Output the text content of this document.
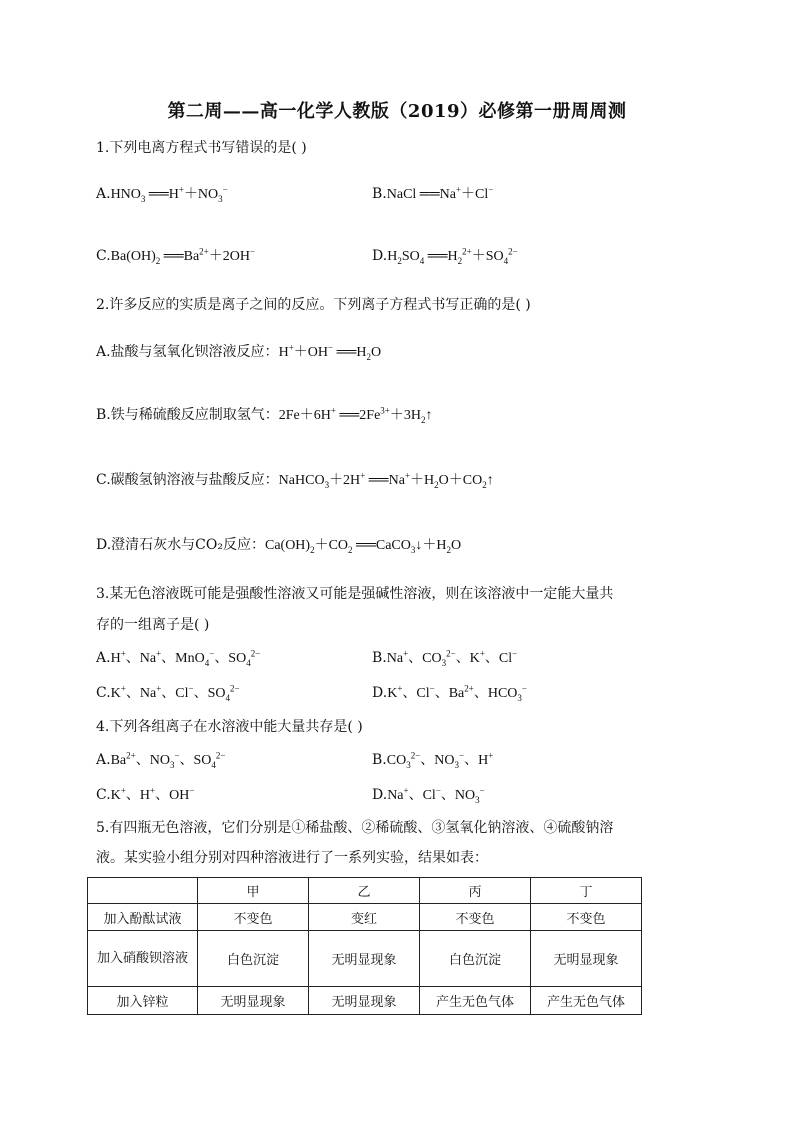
第二周——高一化学人教版（2019）必修第一册周周测
1.下列电离方程式书写错误的是( )
$A.HNO_3$ $══H^++NO_3^-$	B.NaCl ══Na+＋Cl−
$C.Ba(OH)_2$ $══Ba^{2+}+2OH^-$	$D.H_2SO_4$ $══H_2^{2+}+SO_4^{2-}$
2.许多反应的实质是离子之间的反应。下列离子方程式书写正确的是( )
A.盐酸与氢氧化钡溶液反应：H+＋OH− $══H_2O$
B.铁与稀硫酸反应制取氢气：2Fe＋6H+ $══2Fe^{3+}+3H_2↑$
C.碳酸氢钠溶液与盐酸反应：NaHCO$_3$＋2H+ $══Na^++H_2O+CO_2↑$
D.澄清石灰水与CO₂反应：$Ca(OH)_2+CO_2$ $══CaCO_3↓+H_2O$
3.某无色溶液既可能是强酸性溶液又可能是强碱性溶液，则在该溶液中一定能大量共
存的一组离子是( )
A.H+、Na+、MnO$_4$−、$SO_4^{2-}$	B.Na+、$CO_3^{2-}$、K+、Cl−
C.K+、Na+、Cl−、$SO_4^{2-}$	D.K+、Cl−、$Ba^{2+}$、$HCO_3^-$
4.下列各组离子在水溶液中能大量共存是( )
$A.Ba^{2+}$、$NO_3^-$、$SO_4^{2-}$	$B.CO_3^{2-}$、$NO_3^-$、H+
C.K+、H+、OH−	D.Na+、Cl−、$NO_3^-$
5.有四瓶无色溶液，它们分别是①稀盐酸、②稀硫酸、③氢氧化钠溶液、④硫酸钠溶
液。某实验小组分别对四种溶液进行了一系列实验，结果如表：
	甲	乙	丙	丁
加入酚酞试液	不变色	变红	不变色	不变色
加入硝酸钡溶液	白色沉淀	无明显现象	白色沉淀	无明显现象
加入锌粒	无明显现象	无明显现象	产生无色气体	产生无色气体
